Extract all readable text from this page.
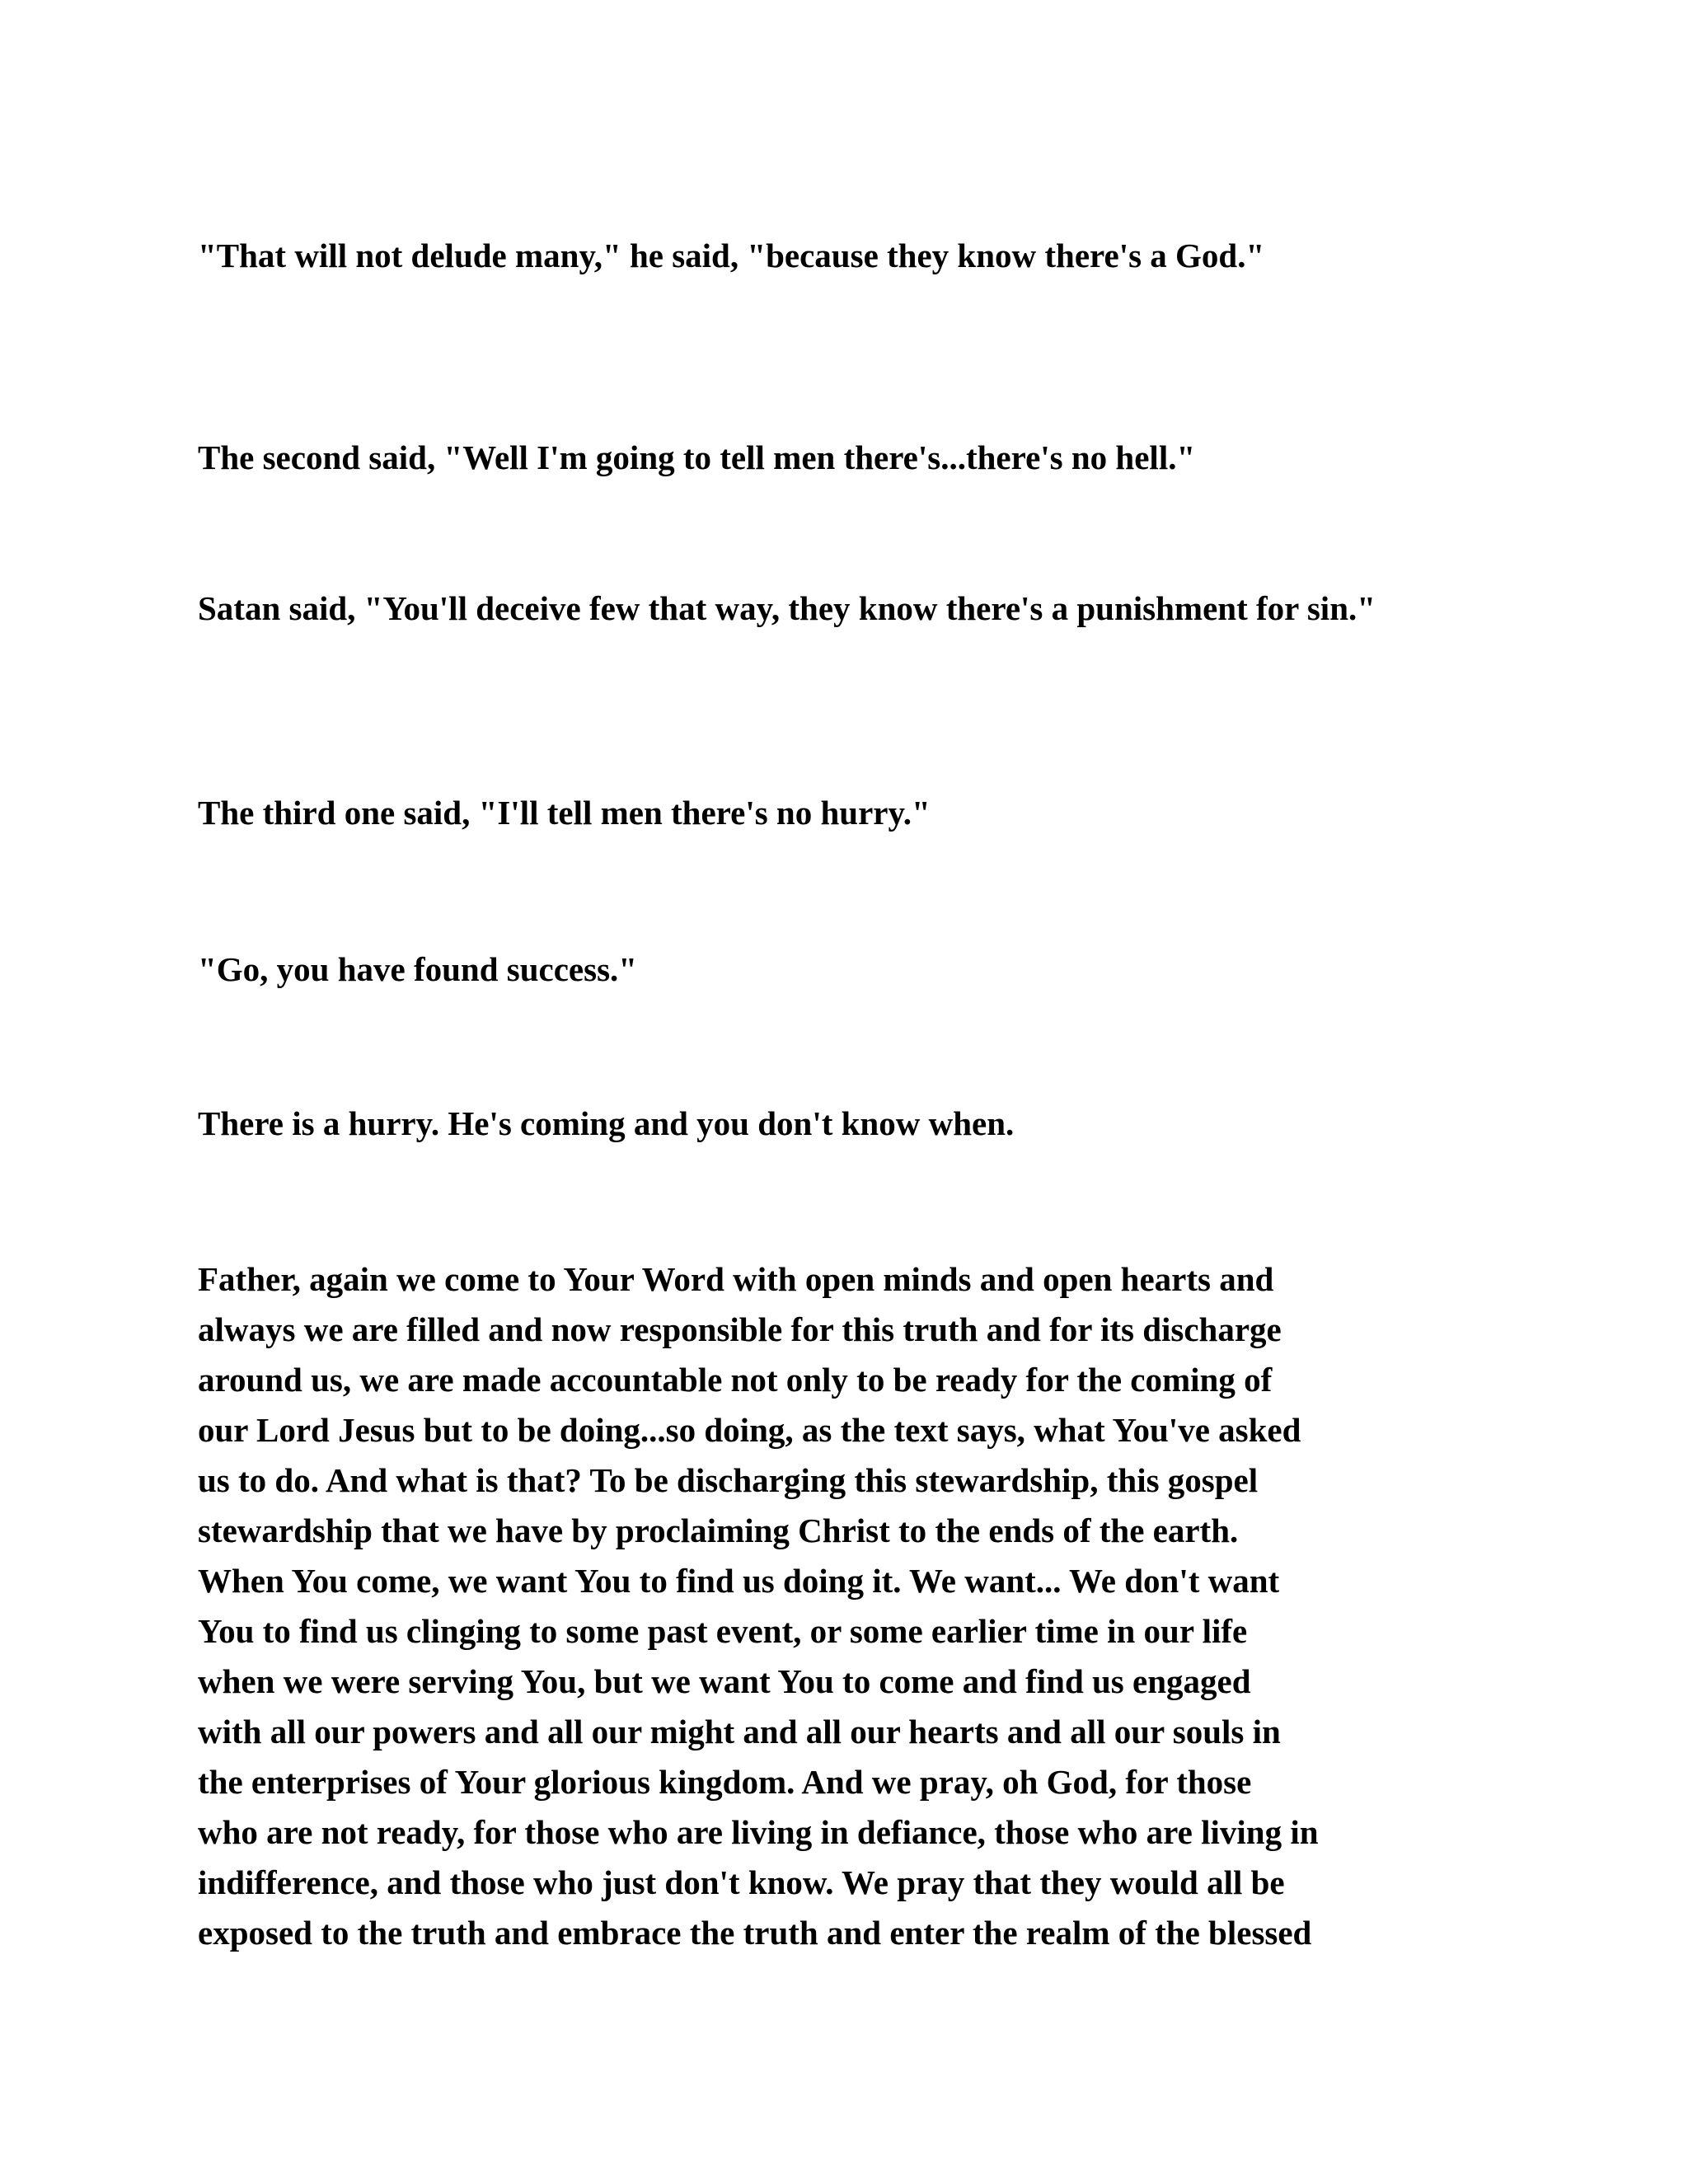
"That will not delude many," he said, "because they know there's a God."

The second said, "Well I'm going to tell men there's...there's no hell."

Satan said, "You'll deceive few that way, they know there's a punishment for sin."

The third one said, "I'll tell men there's no hurry."

"Go, you have found success."

There is a hurry. He's coming and you don't know when.

Father, again we come to Your Word with open minds and open hearts and
always we are filled and now responsible for this truth and for its discharge
around us, we are made accountable not only to be ready for the coming of
our Lord Jesus but to be doing...so doing, as the text says, what You've asked
us to do. And what is that? To be discharging this stewardship, this gospel
stewardship that we have by proclaiming Christ to the ends of the earth.
When You come, we want You to find us doing it. We want... We don't want
You to find us clinging to some past event, or some earlier time in our life
when we were serving You, but we want You to come and find us engaged
with all our powers and all our might and all our hearts and all our souls in
the enterprises of Your glorious kingdom. And we pray, oh God, for those
who are not ready, for those who are living in defiance, those who are living in
indifference, and those who just don't know. We pray that they would all be
exposed to the truth and embrace the truth and enter the realm of the blessed
